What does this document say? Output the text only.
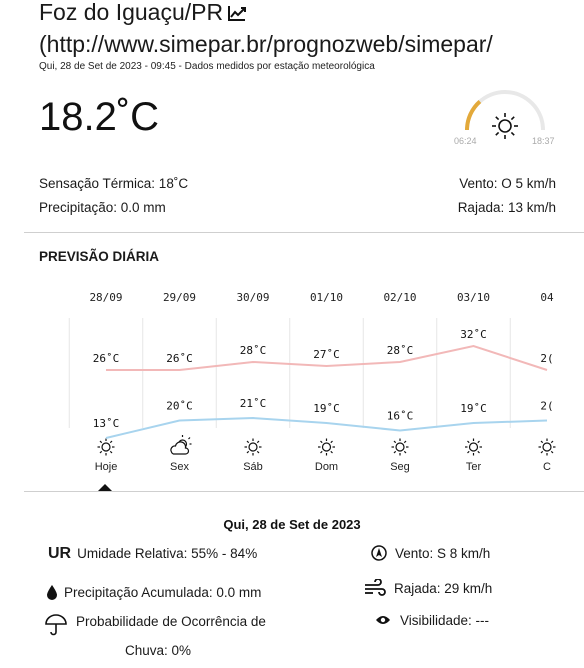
Foz do Iguaçu/PR
(http://www.simepar.br/prognozweb/simepar/
Qui, 28 de Set de 2023 - 09:45 - Dados medidos por estação meteorológica
18.2˚C
06:24	18:37
Sensação Térmica: 18˚C
Precipitação: 0.0 mm
Vento: O 5 km/h
Rajada: 13 km/h
PREVISÃO DIÁRIA
28/09
26˚C
13˚C
Hoje
29/09
26˚C
20˚C
Sex
30/09
28˚C
21˚C
Sáb
01/10
27˚C
19˚C
Dom
02/10
28˚C
16˚C
Seg
03/10
32˚C
19˚C
Ter
04
2(
2(
C
Qui, 28 de Set de 2023
UR Umidade Relativa: 55% - 84%
Precipitação Acumulada: 0.0 mm
Probabilidade de Ocorrência de
Chuva: 0%
Vento: S 8 km/h
Rajada: 29 km/h
Visibilidade: ---
